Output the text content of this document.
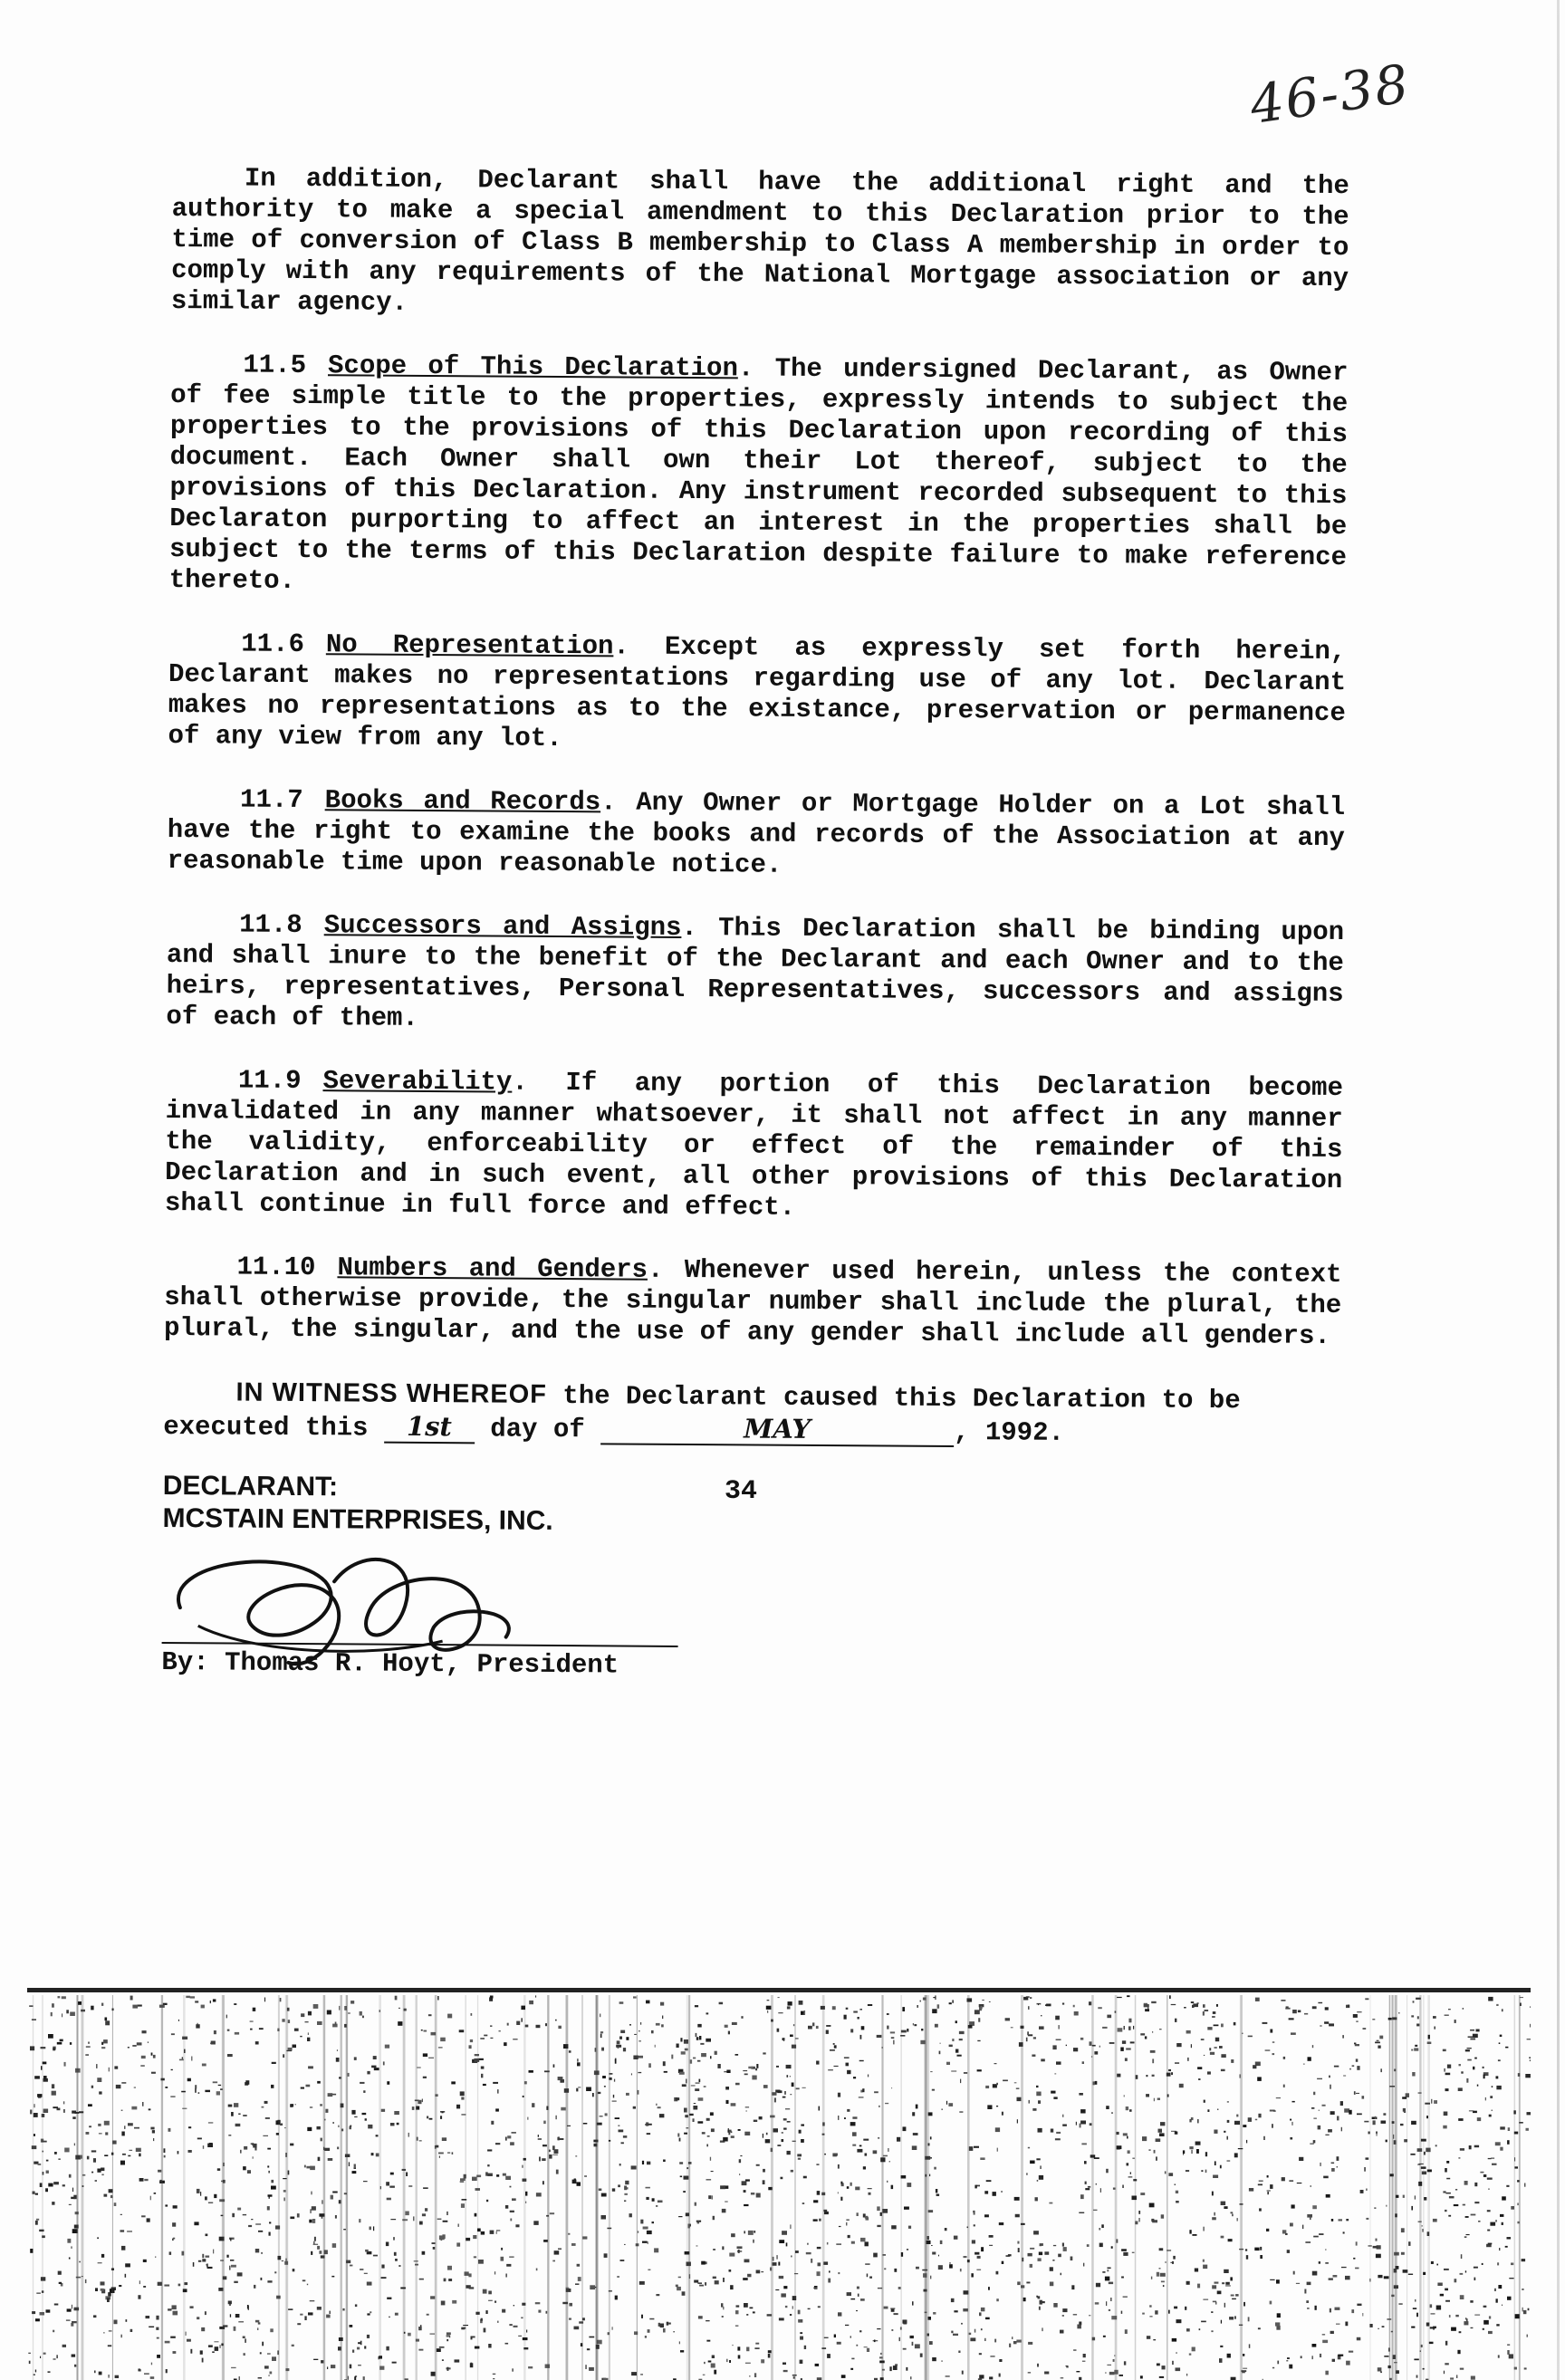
46-38

In addition, Declarant shall have the additional right and the authority to make a special amendment to this Declaration prior to the time of conversion of Class B membership to Class A membership in order to comply with any requirements of the National Mortgage association or any similar agency.

11.5 Scope of This Declaration. The undersigned Declarant, as Owner of fee simple title to the properties, expressly intends to subject the properties to the provisions of this Declaration upon recording of this document. Each Owner shall own their Lot thereof, subject to the provisions of this Declaration. Any instrument recorded subsequent to this Declaraton purporting to affect an interest in the properties shall be subject to the terms of this Declaration despite failure to make reference thereto.

11.6 No Representation. Except as expressly set forth herein, Declarant makes no representations regarding use of any lot. Declarant makes no representations as to the existance, preservation or permanence of any view from any lot.

11.7 Books and Records. Any Owner or Mortgage Holder on a Lot shall have the right to examine the books and records of the Association at any reasonable time upon reasonable notice.

11.8 Successors and Assigns. This Declaration shall be binding upon and shall inure to the benefit of the Declarant and each Owner and to the heirs, representatives, Personal Representatives, successors and assigns of each of them.

11.9 Severability. If any portion of this Declaration become invalidated in any manner whatsoever, it shall not affect in any manner the validity, enforceability or effect of the remainder of this Declaration and in such event, all other provisions of this Declaration shall continue in full force and effect.

11.10 Numbers and Genders. Whenever used herein, unless the context shall otherwise provide, the singular number shall include the plural, the plural, the singular, and the use of any gender shall include all genders.

IN WITNESS WHEREOF the Declarant caused this Declaration to be executed this 1st day of	MAY	, 1992.

DECLARANT:
MCSTAIN ENTERPRISES, INC.
By: Thomas R. Hoyt, President
34
